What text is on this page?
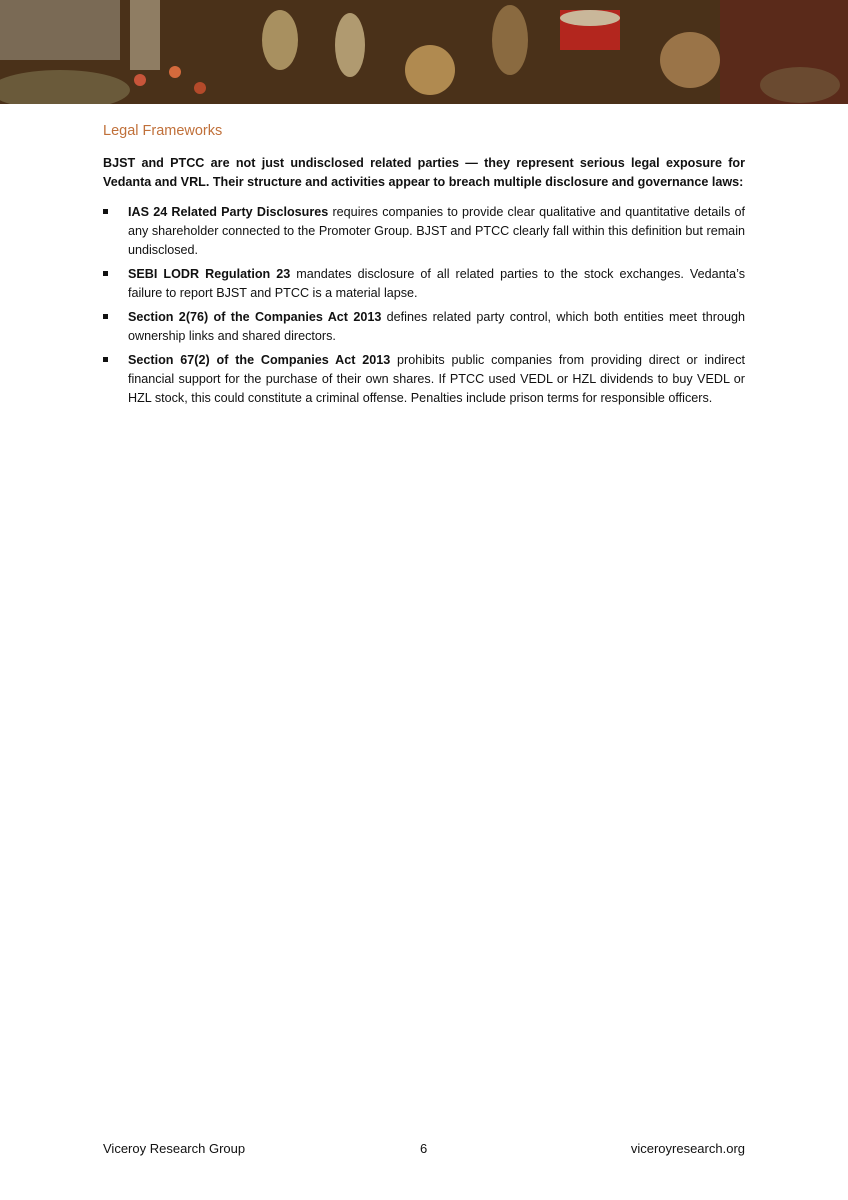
Legal Frameworks
BJST and PTCC are not just undisclosed related parties — they represent serious legal exposure for Vedanta and VRL. Their structure and activities appear to breach multiple disclosure and governance laws:
IAS 24 Related Party Disclosures requires companies to provide clear qualitative and quantitative details of any shareholder connected to the Promoter Group. BJST and PTCC clearly fall within this definition but remain undisclosed.
SEBI LODR Regulation 23 mandates disclosure of all related parties to the stock exchanges. Vedanta’s failure to report BJST and PTCC is a material lapse.
Section 2(76) of the Companies Act 2013 defines related party control, which both entities meet through ownership links and shared directors.
Section 67(2) of the Companies Act 2013 prohibits public companies from providing direct or indirect financial support for the purchase of their own shares. If PTCC used VEDL or HZL dividends to buy VEDL or HZL stock, this could constitute a criminal offense. Penalties include prison terms for responsible officers.
Viceroy Research Group	6	viceroyresearch.org
